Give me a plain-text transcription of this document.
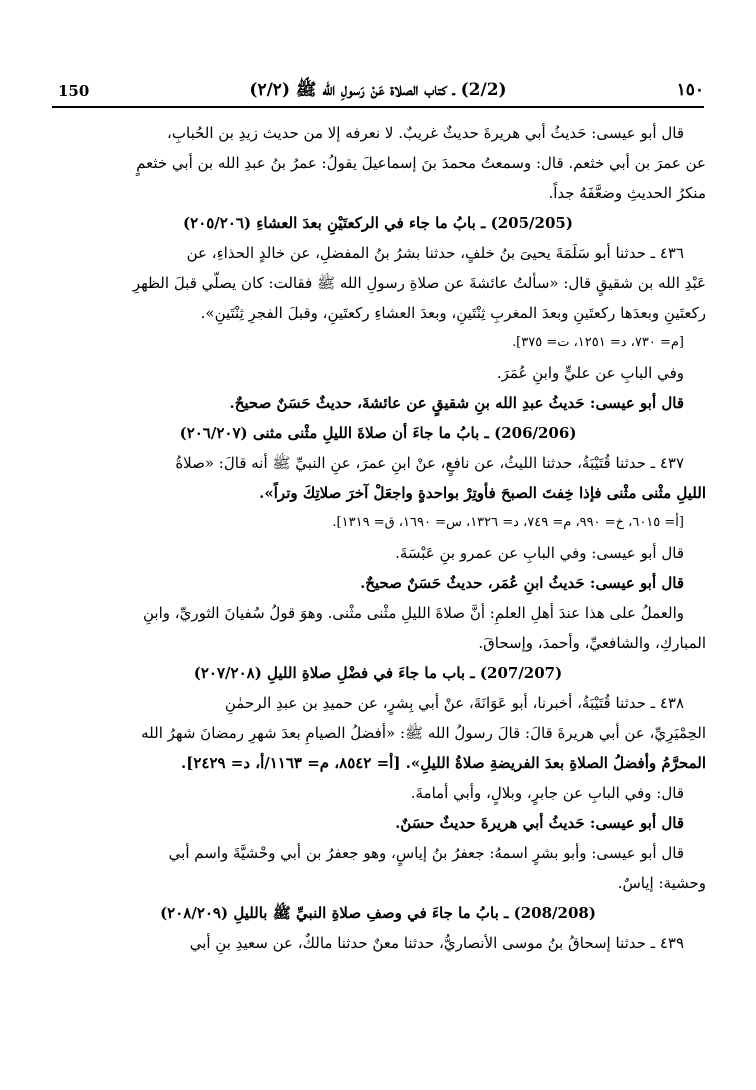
150	(2/2) ـ كتاب الصلاة عَنْ رَسولِ الله ﷺ (٢/٢)	١٥٠

قال أبو عيسى: حَديثُ أبي هريرةَ حديثٌ غريبٌ. لا نعرفه إلا من حديث زيدِ بن الحُبابِ،

عن عمرَ بن أبي خثعم. قال: وسمعتُ محمدَ بنَ إسماعيلَ يقولُ: عمرُ بنُ عبدِ الله بن أبي خثعمٍ

منكرُ الحديثِ وضعَّفَهُ جداً.

(205/205) ـ بابُ ما جاء في الركعتَيْنِ بعدَ العشاءِ (٢٠٥/٢٠٦)

٤٣٦ ـ حدثنا أبو سَلَمَةَ يحيىَ بنُ خلفٍ، حدثنا بشرُ بنُ المفضلِ، عن خالدٍ الحذاءِ، عن

عَبْدِ الله بن شقيقٍ قال: «سألتُ عائشةَ عن صلاةِ رسولِ الله ﷺ فقالت: كان يصلّي قبلَ الظهرِ

ركعتَينِ وبعدَها ركعتَينِ وبعدَ المغربِ ثِنْتَينِ، وبعدَ العشاءِ ركعتَينِ، وقبلَ الفجرِ ثِنْتَينِ».

[م= ٧٣٠، د= ١٢٥١، ت= ٣٧٥].

وفي البابِ عن عليٍّ وابنِ عُمَرَ.

قال أبو عيسى: حَديثُ عبدِ الله بنِ شقيقٍ عن عائشةَ، حديثٌ حَسَنٌ صحيحٌ.

(206/206) ـ بابُ ما جاءَ أن صلاةَ الليلِ مثْنى مثنى (٢٠٦/٢٠٧)

٤٣٧ ـ حدثنا قُتَيْبَةُ، حدثنا الليثُ، عن نافعٍ، عنْ ابنِ عمرَ، عنِ النبيِّ ﷺ أنه قالَ: «صلاةُ

الليلِ مثْنى مثْنى فإذا خِفتَ الصبحَ فأوتِرْ بواحدةٍ واجعَلْ آخرَ صلاتِكَ وتراً».

[أ= ٦٠١٥، خ= ٩٩٠، م= ٧٤٩، د= ١٣٢٦، س= ١٦٩٠، ق= ١٣١٩].

قال أبو عيسى: وفي البابِ عن عمرو بنِ عَبْسَةَ.

قال أبو عيسى: حَديثُ ابنِ عُمَر، حديثٌ حَسَنٌ صحيحٌ.

والعملُ على هذا عندَ أهلِ العلمِ: أنَّ صلاةَ الليلِ مثْنى مثْنى. وهوَ قولُ سُفيانَ الثوريِّ، وابنِ

المباركِ، والشافعيِّ، وأحمدَ، وإسحاقَ.

(207/207) ـ باب ما جاءَ في فضْلِ صلاةِ الليلِ (٢٠٧/٢٠٨)

٤٣٨ ـ حدثنا قُتَيْبَةُ، أخبرنا، أبو عَوَانَةَ، عنْ أبي بِشرٍ، عن حميدِ بن عبدِ الرحمٰنِ

الحِمْيَرِيِّ، عن أبي هريرةَ قالَ: قالَ رسولُ الله ﷺ: «أفضلُ الصيامِ بعدَ شهرِ رمضانَ شهرُ الله

المحرَّمُ وأفضلُ الصلاةِ بعدَ الفريضةِ صلاةُ الليلِ». [أ= ٨٥٤٢، م= ١١٦٣/أ، د= ٢٤٢٩].

قال: وفي البابِ عن جابرٍ، وبلالٍ، وأبي أمامةَ.

قال أبو عيسى: حَديثُ أبي هريرةَ حديثٌ حسَنٌ.

قال أبو عيسى: وأبو بشرٍ اسمهُ: جعفرُ بنُ إياسٍ، وهو جعفرُ بن أبي وحْشيَّةَ واسم أبي

وحشية: إياسٌ.

(208/208) ـ بابُ ما جاءَ في وصفِ صلاةِ النبيِّ ﷺ بالليلِ (٢٠٨/٢٠٩)

٤٣٩ ـ حدثنا إسحاقُ بنُ موسى الأنصاريُّ، حدثنا معنٌ حدثنا مالكٌ، عن سعيدِ بنِ أبي
